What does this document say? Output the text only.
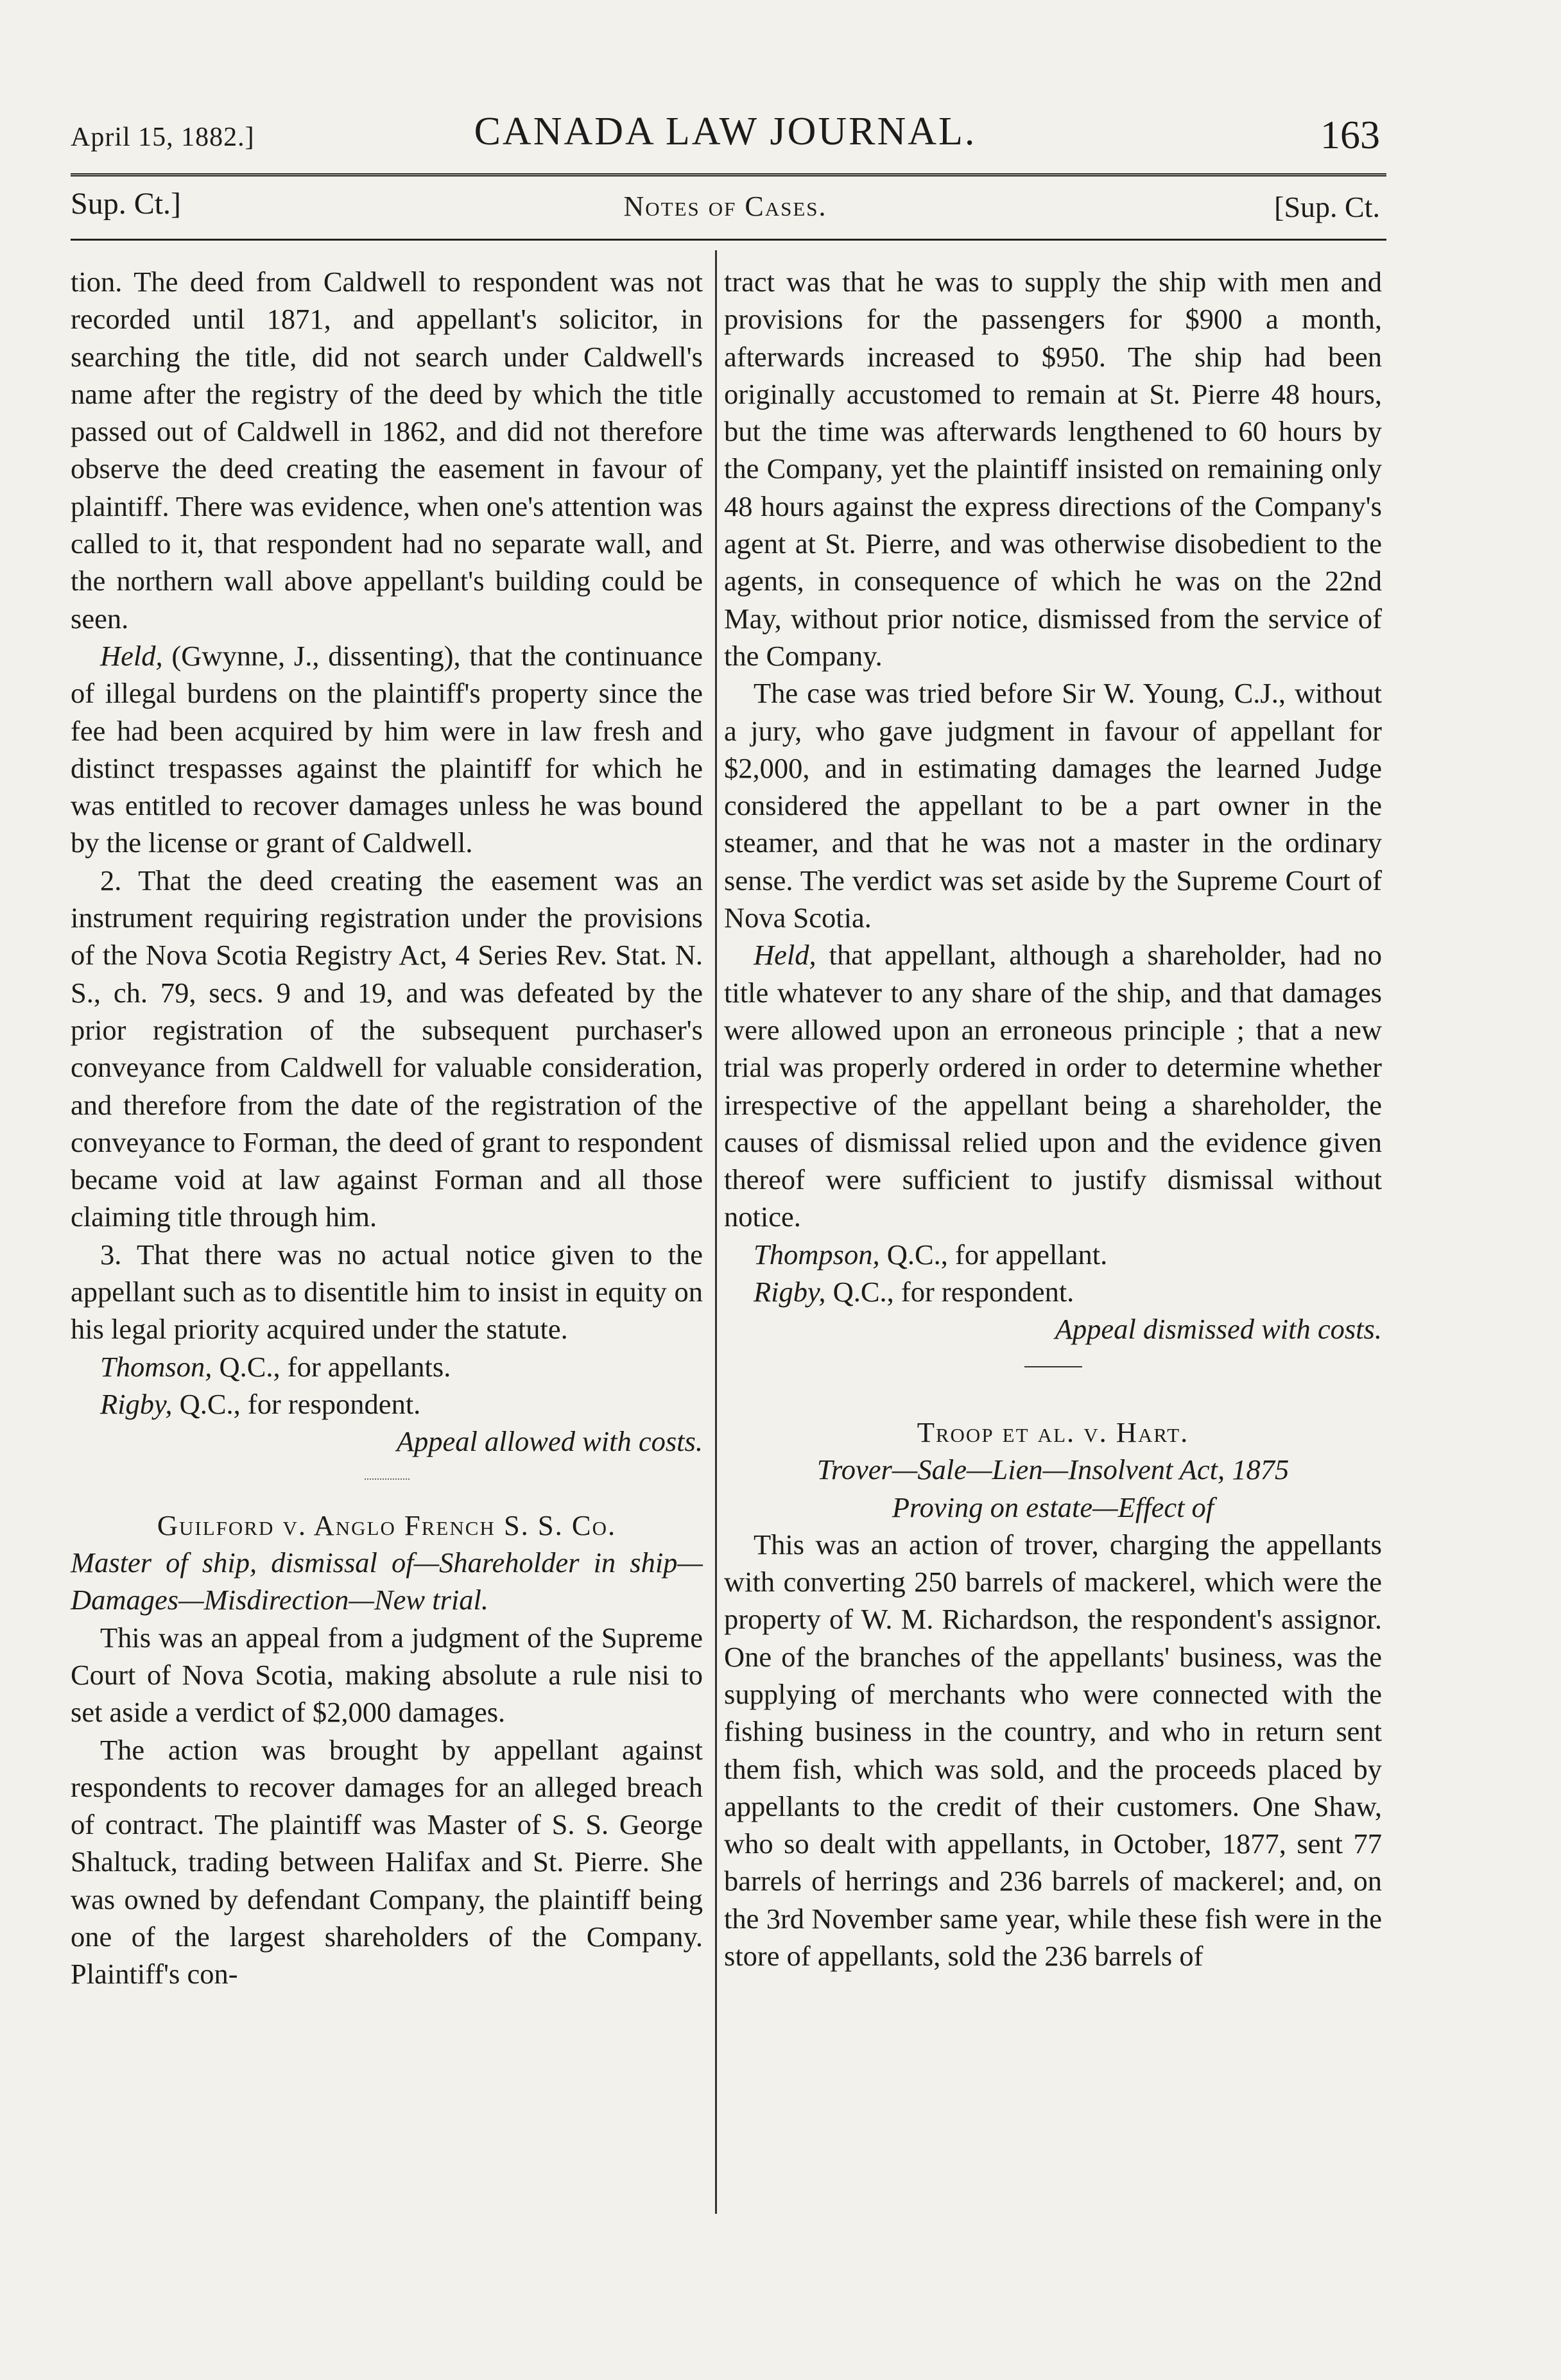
April 15, 1882.]	CANADA LAW JOURNAL.	163
Sup. Ct.]	Notes of Cases.	[Sup. Ct.

tion. The deed from Caldwell to respondent was not recorded until 1871, and appellant's solicitor, in searching the title, did not search under Caldwell's name after the registry of the deed by which the title passed out of Caldwell in 1862, and did not therefore observe the deed creating the easement in favour of plaintiff. There was evidence, when one's attention was called to it, that respondent had no separate wall, and the northern wall above appellant's building could be seen.

Held, (Gwynne, J., dissenting), that the continuance of illegal burdens on the plaintiff's property since the fee had been acquired by him were in law fresh and distinct trespasses against the plaintiff for which he was entitled to recover damages unless he was bound by the license or grant of Caldwell.

2. That the deed creating the easement was an instrument requiring registration under the provisions of the Nova Scotia Registry Act, 4 Series Rev. Stat. N. S., ch. 79, secs. 9 and 19, and was defeated by the prior registration of the subsequent purchaser's conveyance from Caldwell for valuable consideration, and therefore from the date of the registration of the conveyance to Forman, the deed of grant to respondent became void at law against Forman and all those claiming title through him.

3. That there was no actual notice given to the appellant such as to disentitle him to insist in equity on his legal priority acquired under the statute.

Thomson, Q.C., for appellants.

Rigby, Q.C., for respondent.

Appeal allowed with costs.

Guilford v. Anglo French S. S. Co.

Master of ship, dismissal of—Shareholder in ship—Damages—Misdirection—New trial.

This was an appeal from a judgment of the Supreme Court of Nova Scotia, making absolute a rule nisi to set aside a verdict of $2,000 damages.

The action was brought by appellant against respondents to recover damages for an alleged breach of contract. The plaintiff was Master of S. S. George Shaltuck, trading between Halifax and St. Pierre. She was owned by defendant Company, the plaintiff being one of the largest shareholders of the Company. Plaintiff's con-

tract was that he was to supply the ship with men and provisions for the passengers for $900 a month, afterwards increased to $950. The ship had been originally accustomed to remain at St. Pierre 48 hours, but the time was afterwards lengthened to 60 hours by the Company, yet the plaintiff insisted on remaining only 48 hours against the express directions of the Company's agent at St. Pierre, and was otherwise disobedient to the agents, in consequence of which he was on the 22nd May, without prior notice, dismissed from the service of the Company.

The case was tried before Sir W. Young, C.J., without a jury, who gave judgment in favour of appellant for $2,000, and in estimating damages the learned Judge considered the appellant to be a part owner in the steamer, and that he was not a master in the ordinary sense. The verdict was set aside by the Supreme Court of Nova Scotia.

Held, that appellant, although a shareholder, had no title whatever to any share of the ship, and that damages were allowed upon an erroneous principle ; that a new trial was properly ordered in order to determine whether irrespective of the appellant being a shareholder, the causes of dismissal relied upon and the evidence given thereof were sufficient to justify dismissal without notice.

Thompson, Q.C., for appellant.

Rigby, Q.C., for respondent.

Appeal dismissed with costs.

Troop et al. v. Hart.

Trover—Sale—Lien—Insolvent Act, 1875

Proving on estate—Effect of

This was an action of trover, charging the appellants with converting 250 barrels of mackerel, which were the property of W. M. Richardson, the respondent's assignor. One of the branches of the appellants' business, was the supplying of merchants who were connected with the fishing business in the country, and who in return sent them fish, which was sold, and the proceeds placed by appellants to the credit of their customers. One Shaw, who so dealt with appellants, in October, 1877, sent 77 barrels of herrings and 236 barrels of mackerel; and, on the 3rd November same year, while these fish were in the store of appellants, sold the 236 barrels of
